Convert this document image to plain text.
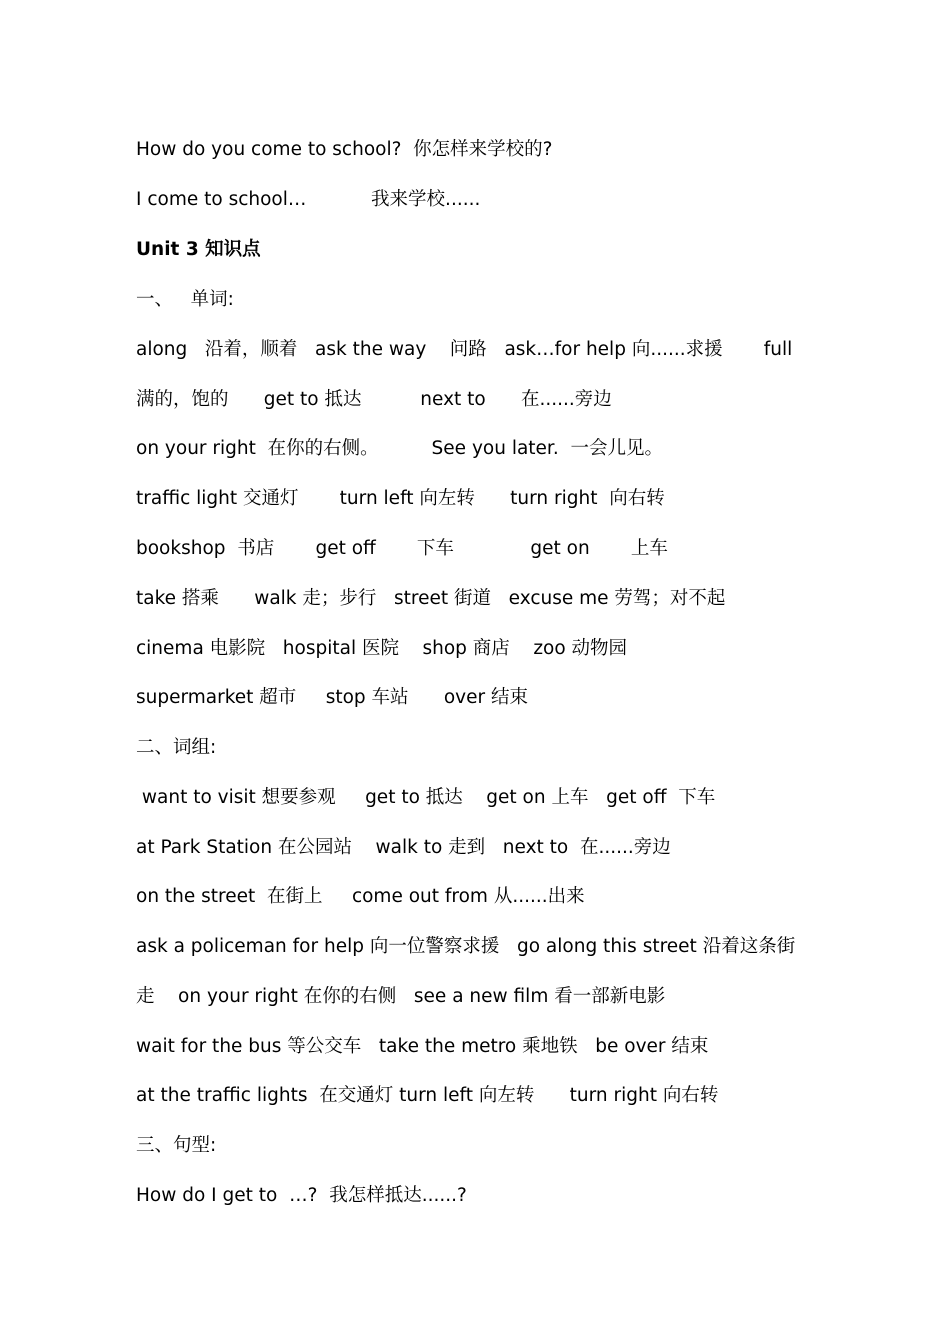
How do you come to school?  你怎样来学校的?
I come to school…           我来学校......
Unit 3 知识点
一、   单词:
along   沿着，顺着   ask the way    问路   ask…for help 向......求援       full
满的，饱的      get to 抵达          next to      在......旁边
on your right  在你的右侧。         See you later.  一会儿见。
traffic light 交通灯       turn left 向左转      turn right  向右转
bookshop  书店       get off       下车             get on       上车
take 搭乘      walk 走；步行   street 街道   excuse me 劳驾；对不起
cinema 电影院   hospital 医院    shop 商店    zoo 动物园
supermarket 超市     stop 车站      over 结束
二、词组:
want to visit 想要参观     get to 抵达    get on 上车   get off  下车
at Park Station 在公园站    walk to 走到   next to  在......旁边
on the street  在街上     come out from 从......出来
ask a policeman for help 向一位警察求援   go along this street 沿着这条街
走    on your right 在你的右侧   see a new film 看一部新电影
wait for the bus 等公交车   take the metro 乘地铁   be over 结束
at the traffic lights  在交通灯 turn left 向左转      turn right 向右转
三、句型:
How do I get to  …?  我怎样抵达......?
